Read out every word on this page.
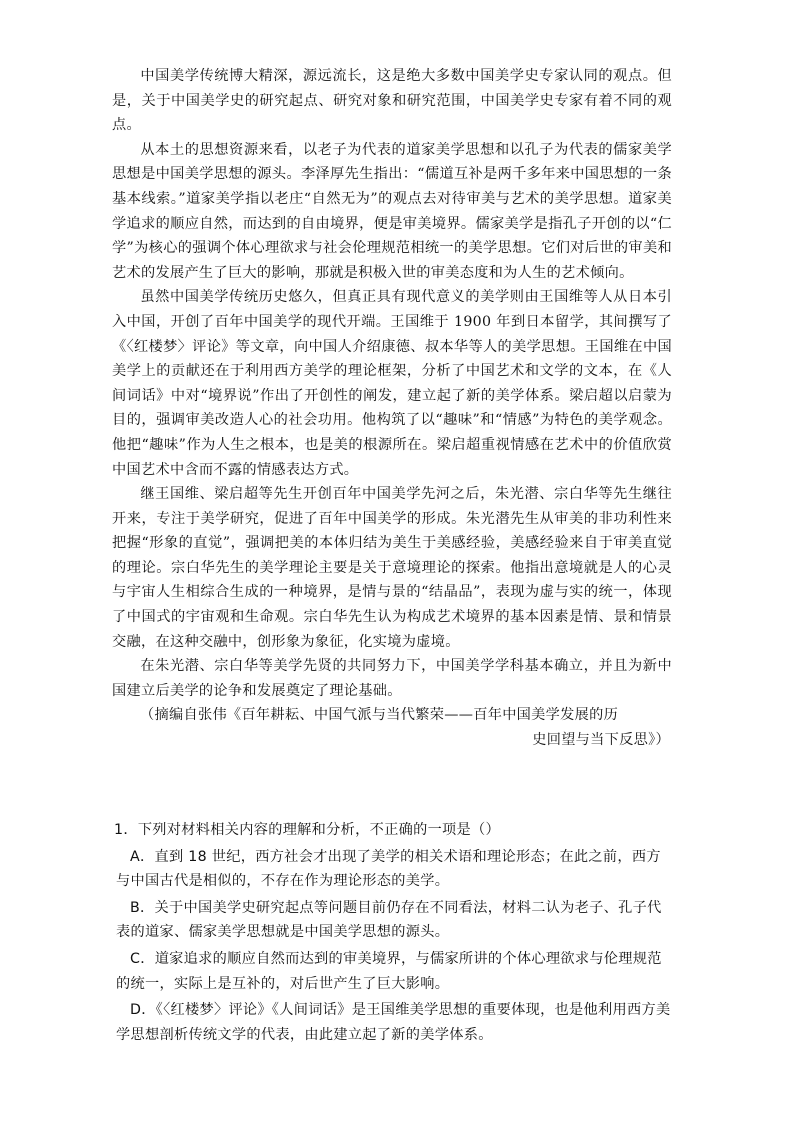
中国美学传统博大精深，源远流长，这是绝大多数中国美学史专家认同的观点。但是，关于中国美学史的研究起点、研究对象和研究范围，中国美学史专家有着不同的观点。

从本土的思想资源来看，以老子为代表的道家美学思想和以孔子为代表的儒家美学思想是中国美学思想的源头。李泽厚先生指出：“儒道互补是两千多年来中国思想的一条基本线索。”道家美学指以老庄“自然无为”的观点去对待审美与艺术的美学思想。道家美学追求的顺应自然，而达到的自由境界，便是审美境界。儒家美学是指孔子开创的以“仁学”为核心的强调个体心理欲求与社会伦理规范相统一的美学思想。它们对后世的审美和艺术的发展产生了巨大的影响，那就是积极入世的审美态度和为人生的艺术倾向。

虽然中国美学传统历史悠久，但真正具有现代意义的美学则由王国维等人从日本引入中国，开创了百年中国美学的现代开端。王国维于 1900 年到日本留学，其间撰写了《〈红楼梦〉评论》等文章，向中国人介绍康德、叔本华等人的美学思想。王国维在中国美学上的贡献还在于利用西方美学的理论框架，分析了中国艺术和文学的文本，在《人间词话》中对“境界说”作出了开创性的阐发，建立起了新的美学体系。梁启超以启蒙为目的，强调审美改造人心的社会功用。他构筑了以“趣味”和“情感”为特色的美学观念。他把“趣味”作为人生之根本，也是美的根源所在。梁启超重视情感在艺术中的价值欣赏中国艺术中含而不露的情感表达方式。

继王国维、梁启超等先生开创百年中国美学先河之后，朱光潜、宗白华等先生继往开来，专注于美学研究，促进了百年中国美学的形成。朱光潜先生从审美的非功利性来把握“形象的直觉”，强调把美的本体归结为美生于美感经验，美感经验来自于审美直觉的理论。宗白华先生的美学理论主要是关于意境理论的探索。他指出意境就是人的心灵与宇宙人生相综合生成的一种境界，是情与景的“结晶品”，表现为虚与实的统一，体现了中国式的宇宙观和生命观。宗白华先生认为构成艺术境界的基本因素是情、景和情景交融，在这种交融中，创形象为象征，化实境为虚境。

在朱光潜、宗白华等美学先贤的共同努力下，中国美学学科基本确立，并且为新中国建立后美学的论争和发展奠定了理论基础。

（摘编自张伟《百年耕耘、中国气派与当代繁荣——百年中国美学发展的历
史回望与当下反思》）

1．下列对材料相关内容的理解和分析，不正确的一项是（）

A．直到 18 世纪，西方社会才出现了美学的相关术语和理论形态；在此之前，西方与中国古代是相似的，不存在作为理论形态的美学。

B．关于中国美学史研究起点等问题目前仍存在不同看法，材料二认为老子、孔子代表的道家、儒家美学思想就是中国美学思想的源头。

C．道家追求的顺应自然而达到的审美境界，与儒家所讲的个体心理欲求与伦理规范的统一，实际上是互补的，对后世产生了巨大影响。

D．《〈红楼梦〉评论》《人间词话》是王国维美学思想的重要体现，也是他利用西方美学思想剖析传统文学的代表，由此建立起了新的美学体系。
